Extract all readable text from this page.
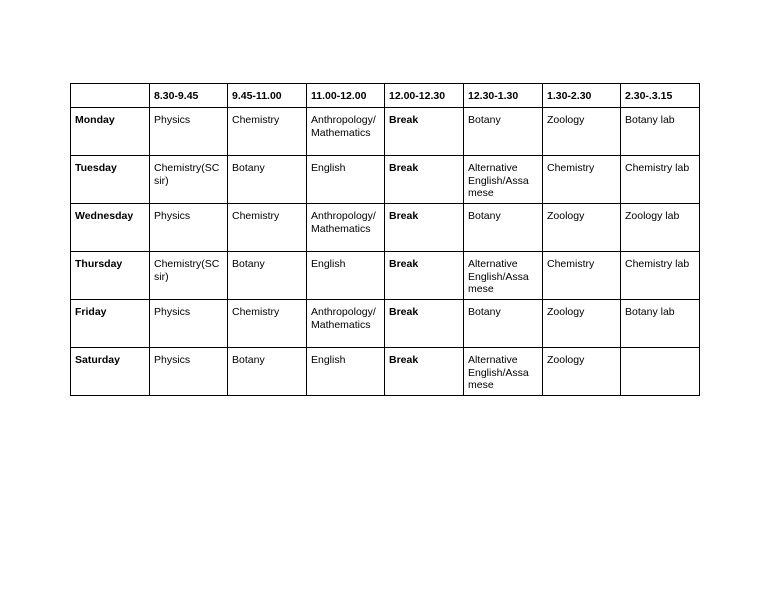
	8.30-9.45	9.45-11.00	11.00-12.00	12.00-12.30	12.30-1.30	1.30-2.30	2.30-.3.15
Monday	Physics	Chemistry	Anthropology/
Mathematics	Break	Botany	Zoology	Botany lab

Tuesday	Chemistry(SC
sir)	Botany	English	Break	Alternative
English/Assa
mese	Chemistry	Chemistry lab

Wednesday	Physics	Chemistry	Anthropology/
Mathematics	Break	Botany	Zoology	Zoology lab

Thursday	Chemistry(SC
sir)	Botany	English	Break	Alternative
English/Assa
mese	Chemistry	Chemistry lab

Friday	Physics	Chemistry	Anthropology/
Mathematics	Break	Botany	Zoology	Botany lab

Saturday	Physics	Botany	English	Break	Alternative
English/Assa
mese	Zoology	
